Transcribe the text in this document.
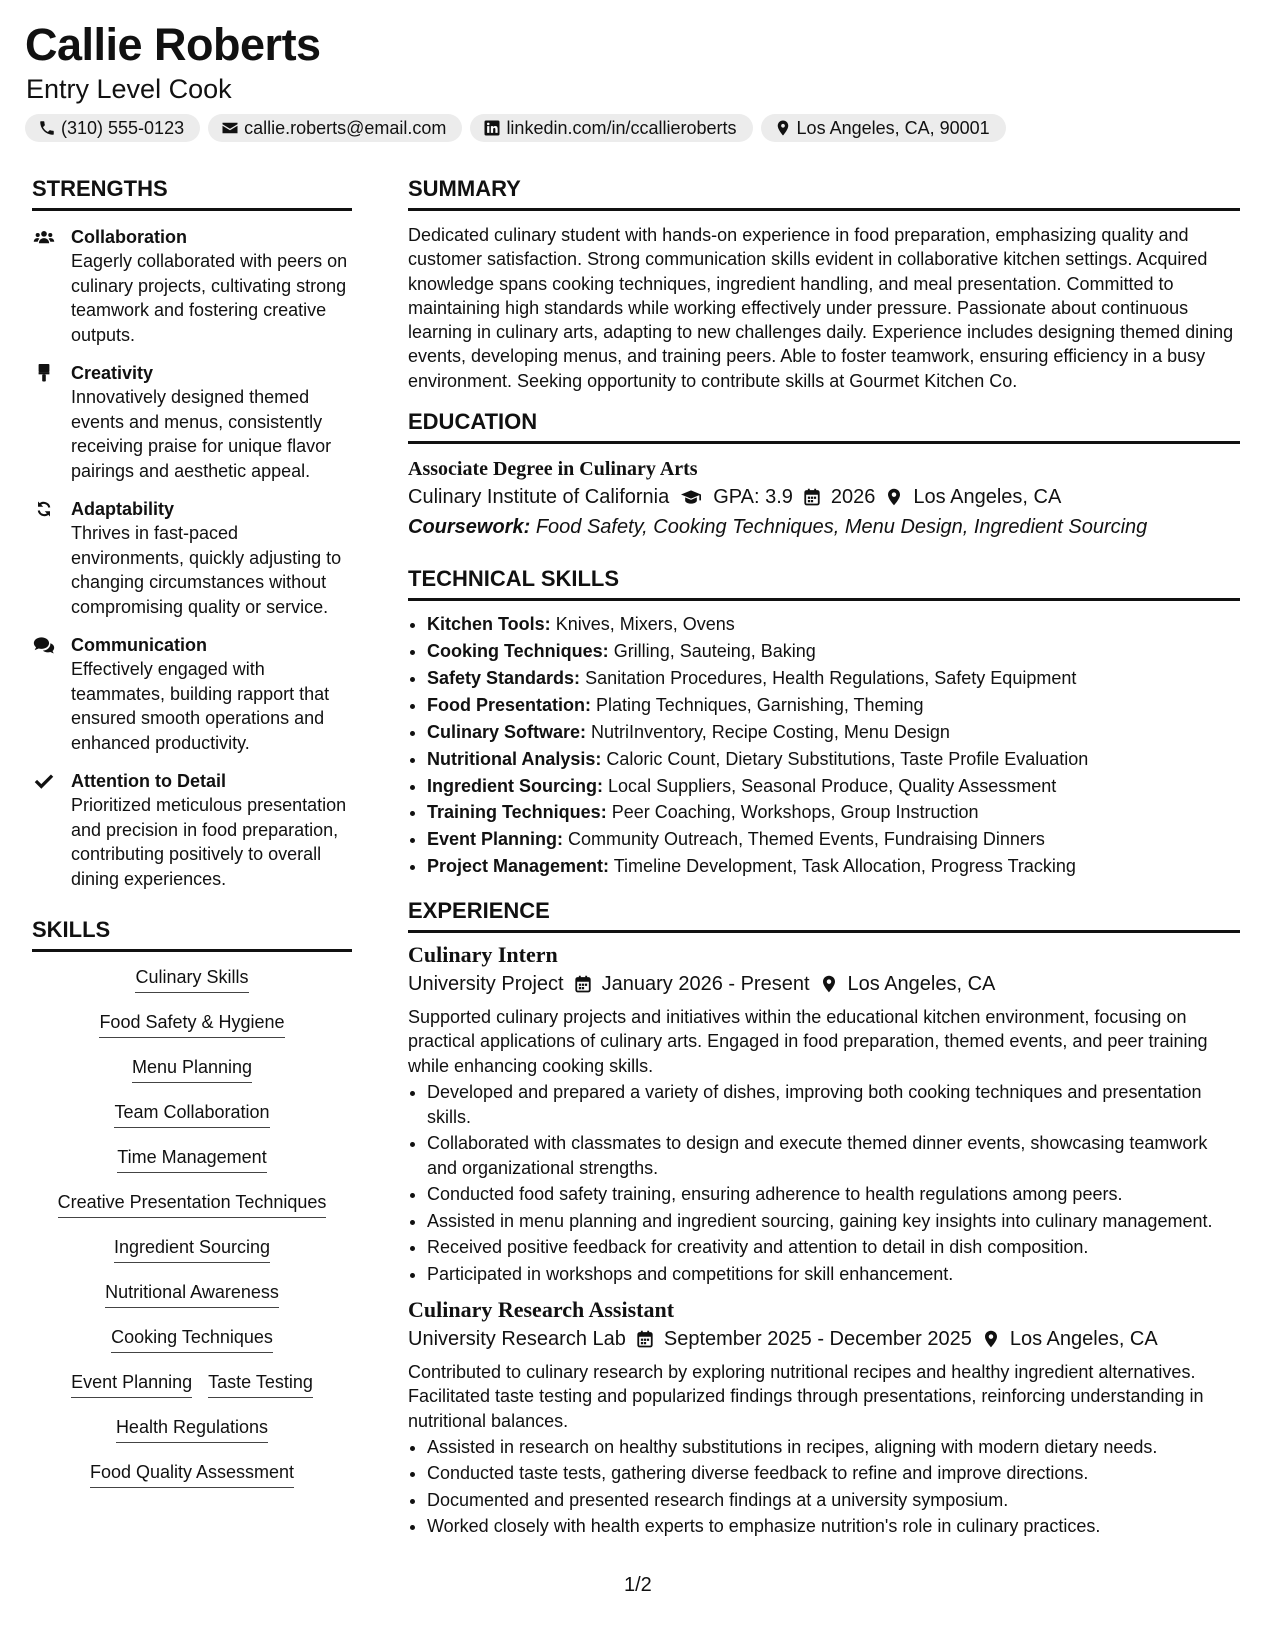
Callie Roberts
Entry Level Cook
(310) 555-0123	callie.roberts@email.com	linkedin.com/in/ccallieroberts	Los Angeles, CA, 90001
STRENGTHS
Collaboration
Eagerly collaborated with peers on culinary projects, cultivating strong teamwork and fostering creative outputs.
Creativity
Innovatively designed themed events and menus, consistently receiving praise for unique flavor pairings and aesthetic appeal.
Adaptability
Thrives in fast-paced environments, quickly adjusting to changing circumstances without compromising quality or service.
Communication
Effectively engaged with teammates, building rapport that ensured smooth operations and enhanced productivity.
Attention to Detail
Prioritized meticulous presentation and precision in food preparation, contributing positively to overall dining experiences.
SKILLS
Culinary Skills
Food Safety & Hygiene
Menu Planning
Team Collaboration
Time Management
Creative Presentation Techniques
Ingredient Sourcing
Nutritional Awareness
Cooking Techniques
Event Planning Taste Testing
Health Regulations
Food Quality Assessment
SUMMARY
Dedicated culinary student with hands-on experience in food preparation, emphasizing quality and customer satisfaction. Strong communication skills evident in collaborative kitchen settings. Acquired knowledge spans cooking techniques, ingredient handling, and meal presentation. Committed to maintaining high standards while working effectively under pressure. Passionate about continuous learning in culinary arts, adapting to new challenges daily. Experience includes designing themed dining events, developing menus, and training peers. Able to foster teamwork, ensuring efficiency in a busy environment. Seeking opportunity to contribute skills at Gourmet Kitchen Co.
EDUCATION
Associate Degree in Culinary Arts
Culinary Institute of California GPA: 3.9 2026 Los Angeles, CA
Coursework: Food Safety, Cooking Techniques, Menu Design, Ingredient Sourcing
TECHNICAL SKILLS
• Kitchen Tools: Knives, Mixers, Ovens
• Cooking Techniques: Grilling, Sauteing, Baking
• Safety Standards: Sanitation Procedures, Health Regulations, Safety Equipment
• Food Presentation: Plating Techniques, Garnishing, Theming
• Culinary Software: NutriInventory, Recipe Costing, Menu Design
• Nutritional Analysis: Caloric Count, Dietary Substitutions, Taste Profile Evaluation
• Ingredient Sourcing: Local Suppliers, Seasonal Produce, Quality Assessment
• Training Techniques: Peer Coaching, Workshops, Group Instruction
• Event Planning: Community Outreach, Themed Events, Fundraising Dinners
• Project Management: Timeline Development, Task Allocation, Progress Tracking
EXPERIENCE
Culinary Intern
University Project January 2026 - Present Los Angeles, CA
Supported culinary projects and initiatives within the educational kitchen environment, focusing on practical applications of culinary arts. Engaged in food preparation, themed events, and peer training while enhancing cooking skills.
• Developed and prepared a variety of dishes, improving both cooking techniques and presentation skills.
• Collaborated with classmates to design and execute themed dinner events, showcasing teamwork and organizational strengths.
• Conducted food safety training, ensuring adherence to health regulations among peers.
• Assisted in menu planning and ingredient sourcing, gaining key insights into culinary management.
• Received positive feedback for creativity and attention to detail in dish composition.
• Participated in workshops and competitions for skill enhancement.
Culinary Research Assistant
University Research Lab September 2025 - December 2025 Los Angeles, CA
Contributed to culinary research by exploring nutritional recipes and healthy ingredient alternatives. Facilitated taste testing and popularized findings through presentations, reinforcing understanding in nutritional balances.
• Assisted in research on healthy substitutions in recipes, aligning with modern dietary needs.
• Conducted taste tests, gathering diverse feedback to refine and improve directions.
• Documented and presented research findings at a university symposium.
• Worked closely with health experts to emphasize nutrition's role in culinary practices.
1/2
